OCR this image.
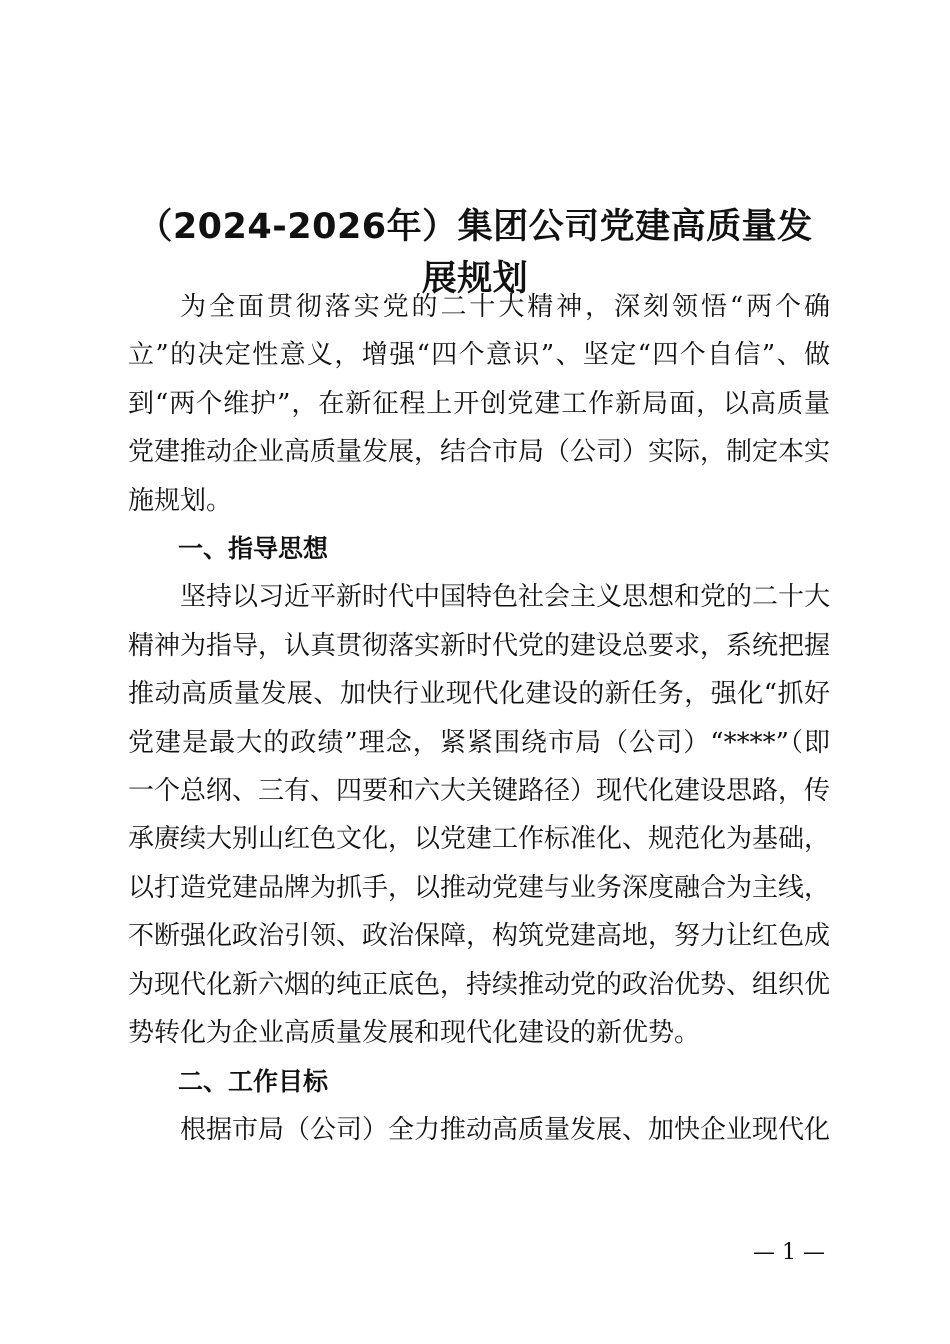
（2024-2026年）集团公司党建高质量发展规划

为全面贯彻落实党的二十大精神，深刻领悟“两个确立”的决定性意义，增强“四个意识”、坚定“四个自信”、做到“两个维护”，在新征程上开创党建工作新局面，以高质量党建推动企业高质量发展，结合市局（公司）实际，制定本实施规划。

一、指导思想

坚持以习近平新时代中国特色社会主义思想和党的二十大精神为指导，认真贯彻落实新时代党的建设总要求，系统把握推动高质量发展、加快行业现代化建设的新任务，强化“抓好党建是最大的政绩”理念，紧紧围绕市局（公司）“****”（即一个总纲、三有、四要和六大关键路径）现代化建设思路，传承赓续大别山红色文化，以党建工作标准化、规范化为基础，以打造党建品牌为抓手，以推动党建与业务深度融合为主线，不断强化政治引领、政治保障，构筑党建高地，努力让红色成为现代化新六烟的纯正底色，持续推动党的政治优势、组织优势转化为企业高质量发展和现代化建设的新优势。

二、工作目标

根据市局（公司）全力推动高质量发展、加快企业现代化

— 1 —
